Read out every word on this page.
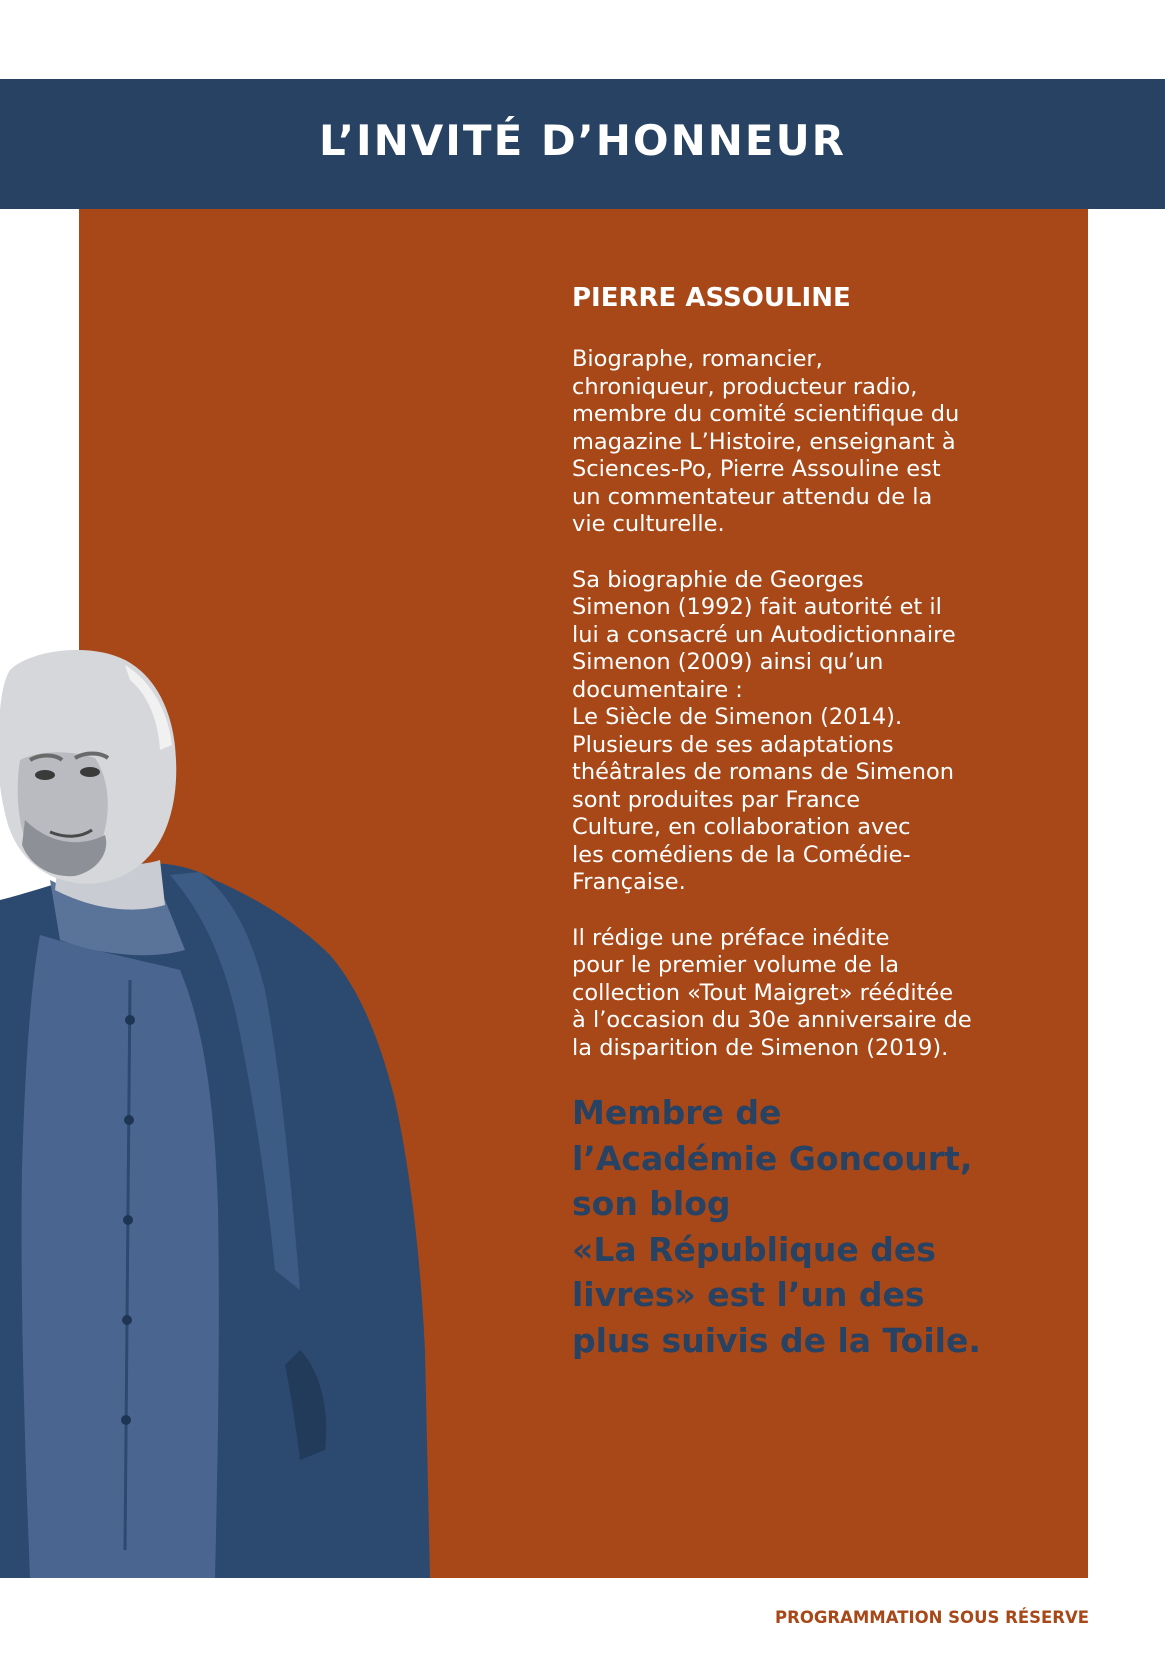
L’INVITÉ D’HONNEUR
PIERRE ASSOULINE

Biographe, romancier,
chroniqueur, producteur radio,
membre du comité scientifique du
magazine L’Histoire, enseignant à
Sciences-Po, Pierre Assouline est
un commentateur attendu de la
vie culturelle.

Sa biographie de Georges
Simenon (1992) fait autorité et il
lui a consacré un Autodictionnaire
Simenon (2009) ainsi qu’un
documentaire :
Le Siècle de Simenon (2014).
Plusieurs de ses adaptations
théâtrales de romans de Simenon
sont produites par France
Culture, en collaboration avec
les comédiens de la Comédie-
Française.

Il rédige une préface inédite
pour le premier volume de la
collection «Tout Maigret» rééditée
à l’occasion du 30e anniversaire de
la disparition de Simenon (2019).

Membre de
l’Académie Goncourt,
son blog
«La République des
livres» est l’un des
plus suivis de la Toile.
PROGRAMMATION SOUS RÉSERVE
